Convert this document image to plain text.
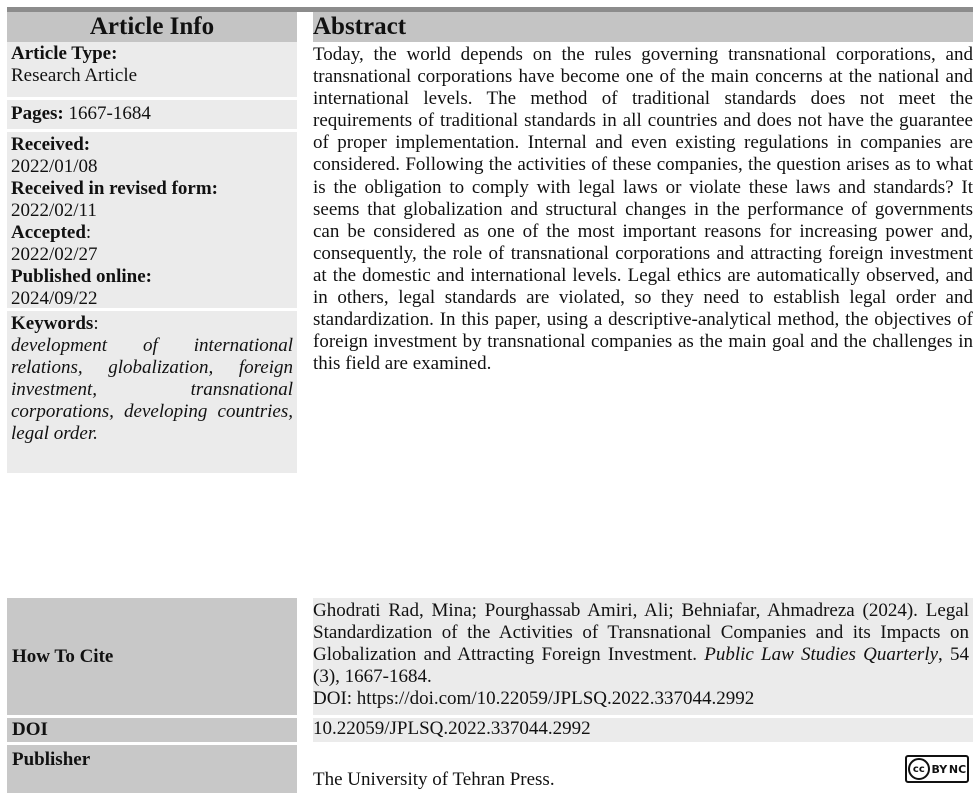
Article Info
Article Type:
Research Article
Pages: 1667-1684
Received:
2022/01/08
Received in revised form:
2022/02/11
Accepted:
2022/02/27
Published online:
2024/09/22
Keywords:
development of international relations, globalization, foreign investment, transnational corporations, developing countries, legal order.
Abstract
Today, the world depends on the rules governing transnational corporations, and transnational corporations have become one of the main concerns at the national and international levels. The method of traditional standards does not meet the requirements of traditional standards in all countries and does not have the guarantee of proper implementation. Internal and even existing regulations in companies are considered. Following the activities of these companies, the question arises as to what is the obligation to comply with legal laws or violate these laws and standards? It seems that globalization and structural changes in the performance of governments can be considered as one of the most important reasons for increasing power and, consequently, the role of transnational corporations and attracting foreign investment at the domestic and international levels. Legal ethics are automatically observed, and in others, legal standards are violated, so they need to establish legal order and standardization. In this paper, using a descriptive-analytical method, the objectives of foreign investment by transnational companies as the main goal and the challenges in this field are examined.
How To Cite
Ghodrati Rad, Mina; Pourghassab Amiri, Ali; Behniafar, Ahmadreza (2024). Legal Standardization of the Activities of Transnational Companies and its Impacts on Globalization and Attracting Foreign Investment. Public Law Studies Quarterly, 54 (3), 1667-1684.
DOI: https://doi.com/10.22059/JPLSQ.2022.337044.2992
DOI	10.22059/JPLSQ.2022.337044.2992
Publisher
The University of Tehran Press.	cc BY NC
